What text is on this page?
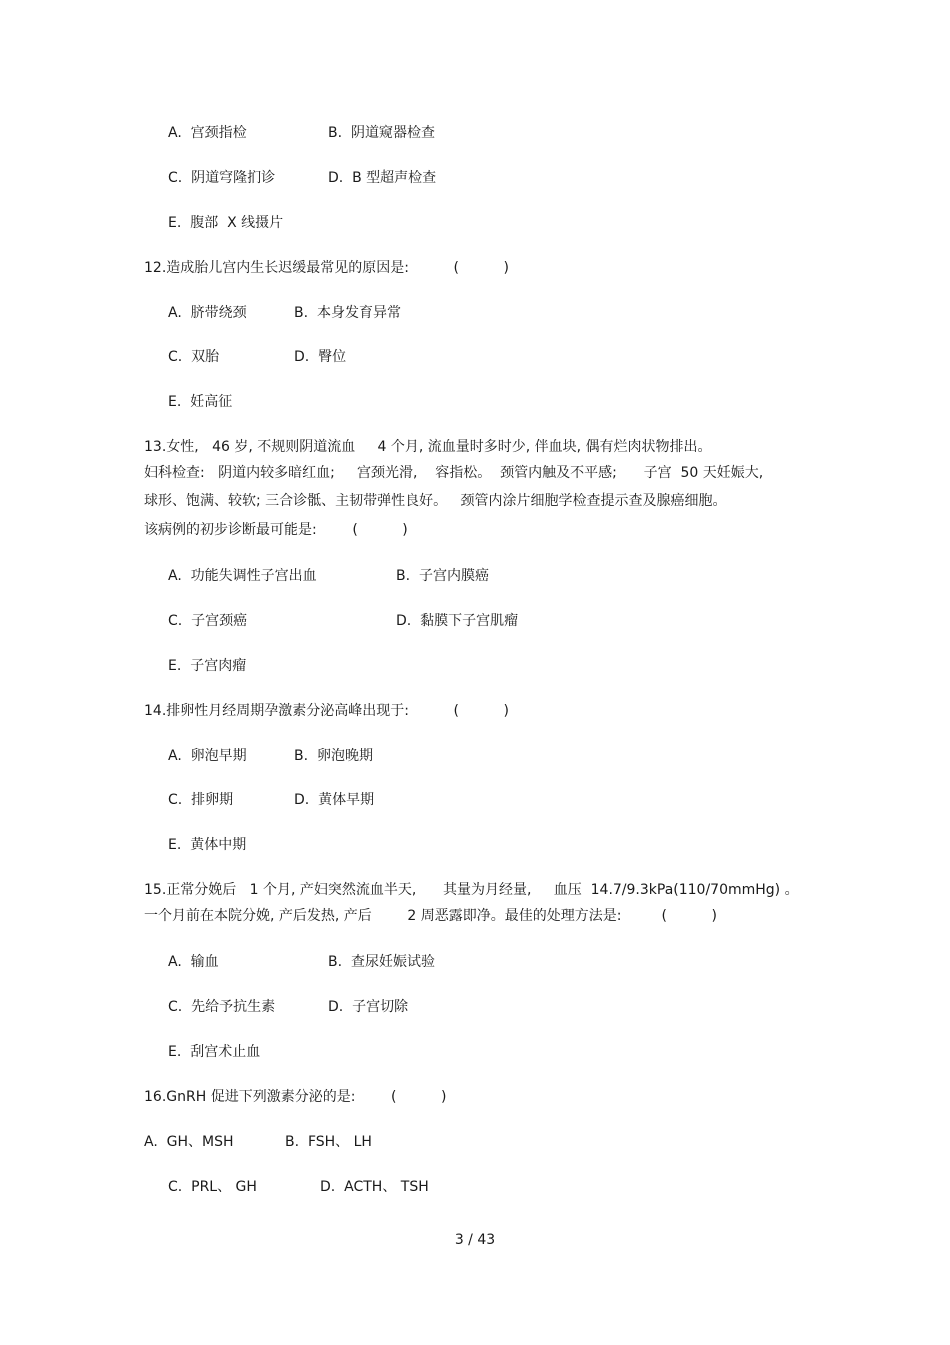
A.  宫颈指检	B.  阴道窥器检查
C.  阴道穹隆扪诊	D.  B 型超声检查
E.  腹部  X 线摄片
12.造成胎儿宫内生长迟缓最常见的原因是:          (          )
A.  脐带绕颈	B.  本身发育异常
C.  双胎	D.  臀位
E.  妊高征
13.女性,   46 岁, 不规则阴道流血     4 个月, 流血量时多时少, 伴血块, 偶有烂肉状物排出。
妇科检查:   阴道内较多暗红血;     宫颈光滑,    容指松。  颈管内触及不平感;      子宫  50 天妊娠大,
球形、饱满、较软; 三合诊骶、主韧带弹性良好。   颈管内涂片细胞学检查提示查及腺癌细胞。
该病例的初步诊断最可能是:        (          )
A.  功能失调性子宫出血	B.  子宫内膜癌
C.  子宫颈癌	D.  黏膜下子宫肌瘤
E.  子宫肉瘤
14.排卵性月经周期孕激素分泌高峰出现于:          (          )
A.  卵泡早期	B.  卵泡晚期
C.  排卵期	D.  黄体早期
E.  黄体中期
15.正常分娩后   1 个月, 产妇突然流血半天,      其量为月经量,     血压  14.7/9.3kPa(110/70mmHg) 。
一个月前在本院分娩, 产后发热, 产后        2 周恶露即净。最佳的处理方法是:         (          )
A.  输血	B.  查尿妊娠试验
C.  先给予抗生素	D.  子宫切除
E.  刮宫术止血
16.GnRH 促进下列激素分泌的是:        (          )
A.  GH、MSH	B.  FSH、 LH
C.  PRL、 GH	D.  ACTH、 TSH
3 / 43
